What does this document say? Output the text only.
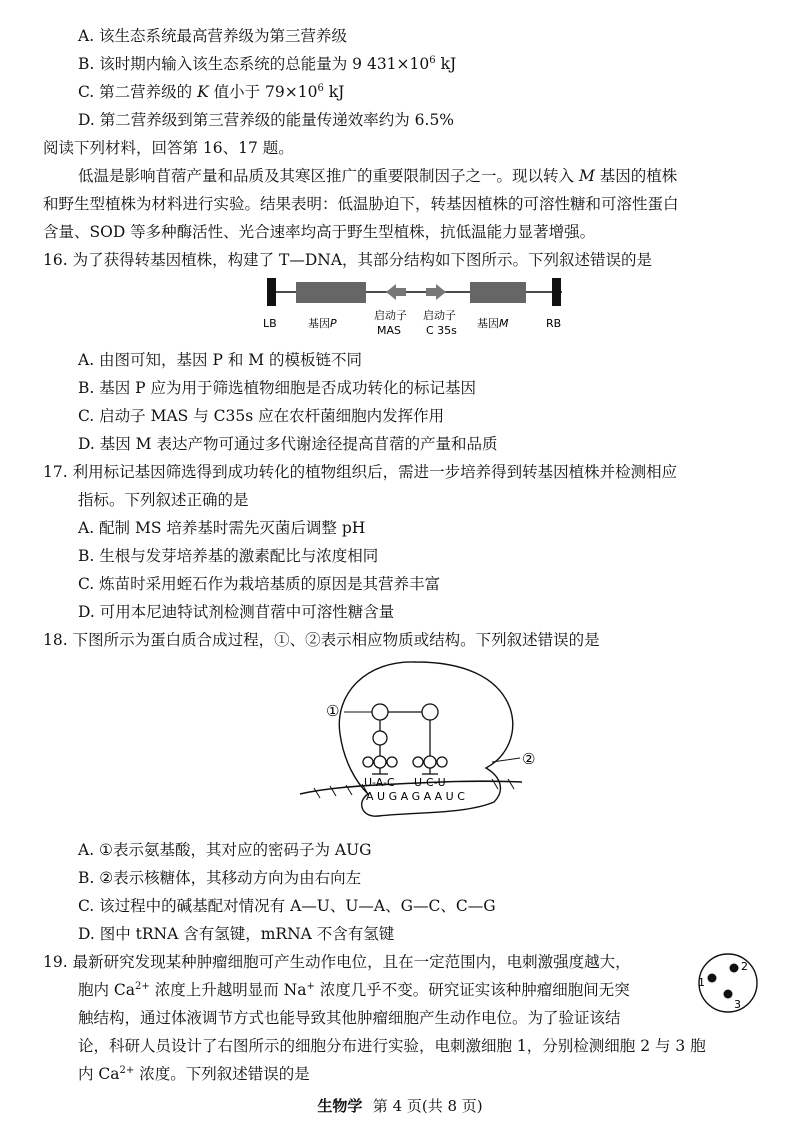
A. 该生态系统最高营养级为第三营养级
B. 该时期内输入该生态系统的总能量为 9 $431\times 10^6$ kJ
C. 第二营养级的 K 值小于 $79\times 10^6$ kJ
D. 第二营养级到第三营养级的能量传递效率约为 6.5%
阅读下列材料，回答第 16、17 题。
低温是影响苜蓿产量和品质及其寒区推广的重要限制因子之一。现以转入 M 基因的植株
和野生型植株为材料进行实验。结果表明：低温胁迫下，转基因植株的可溶性糖和可溶性蛋白
含量、SOD 等多种酶活性、光合速率均高于野生型植株，抗低温能力显著增强。
16. 为了获得转基因植株，构建了 T—DNA，其部分结构如下图所示。下列叙述错误的是
LB	基因P
启动子
MAS
启动子
C 35s
基因M	RB
A. 由图可知，基因 P 和 M 的模板链不同
B. 基因 P 应为用于筛选植物细胞是否成功转化的标记基因
C. 启动子 MAS 与 C35s 应在农杆菌细胞内发挥作用
D. 基因 M 表达产物可通过多代谢途径提高苜蓿的产量和品质
17. 利用标记基因筛选得到成功转化的植物组织后，需进一步培养得到转基因植株并检测相应
指标。下列叙述正确的是
A. 配制 MS 培养基时需先灭菌后调整 pH
B. 生根与发芽培养基的激素配比与浓度相同
C. 炼苗时采用蛭石作为栽培基质的原因是其营养丰富
D. 可用本尼迪特试剂检测苜蓿中可溶性糖含量
18. 下图所示为蛋白质合成过程，①、②表示相应物质或结构。下列叙述错误的是
U-A-C U-C-U
A U G A G A A U C
①
②
A. ①表示氨基酸，其对应的密码子为 AUG
B. ②表示核糖体，其移动方向为由右向左
C. 该过程中的碱基配对情况有 A—U、U—A、G—C、C—G
D. 图中 tRNA 含有氢键，mRNA 不含有氢键
19. 最新研究发现某种肿瘤细胞可产生动作电位，且在一定范围内，电刺激强度越大，
胞内 $Ca^{2+}$ 浓度上升越明显而 Na+ 浓度几乎不变。研究证实该种肿瘤细胞间无突
触结构，通过体液调节方式也能导致其他肿瘤细胞产生动作电位。为了验证该结
论，科研人员设计了右图所示的细胞分布进行实验，电刺激细胞 1，分别检测细胞 2 与 3 胞
内 $Ca^{2+}$ 浓度。下列叙述错误的是
1
2
3
生物学 第 4 页(共 8 页)
